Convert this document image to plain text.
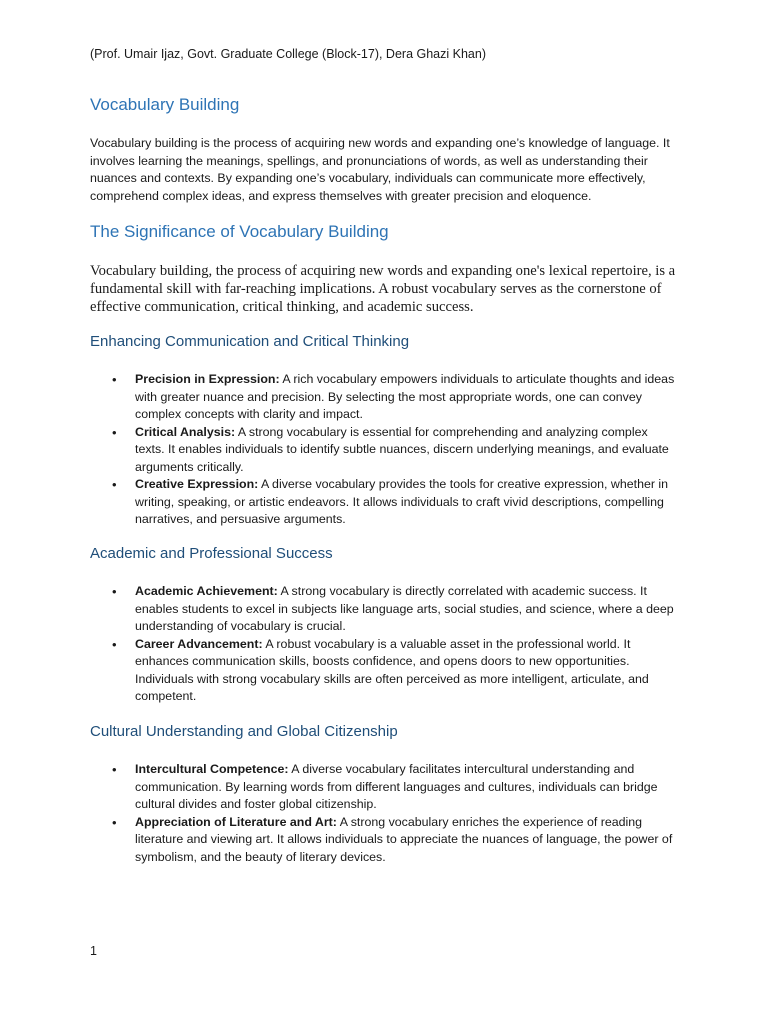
(Prof. Umair Ijaz, Govt. Graduate College (Block-17), Dera Ghazi Khan)
Vocabulary Building

Vocabulary building is the process of acquiring new words and expanding one’s knowledge of language. It involves learning the meanings, spellings, and pronunciations of words, as well as understanding their nuances and contexts. By expanding one’s vocabulary, individuals can communicate more effectively, comprehend complex ideas, and express themselves with greater precision and eloquence.

The Significance of Vocabulary Building

Vocabulary building, the process of acquiring new words and expanding one's lexical repertoire, is a fundamental skill with far-reaching implications. A robust vocabulary serves as the cornerstone of effective communication, critical thinking, and academic success.

Enhancing Communication and Critical Thinking
• Precision in Expression: A rich vocabulary empowers individuals to articulate thoughts and ideas with greater nuance and precision. By selecting the most appropriate words, one can convey complex concepts with clarity and impact.
• Critical Analysis: A strong vocabulary is essential for comprehending and analyzing complex texts. It enables individuals to identify subtle nuances, discern underlying meanings, and evaluate arguments critically.
• Creative Expression: A diverse vocabulary provides the tools for creative expression, whether in writing, speaking, or artistic endeavors. It allows individuals to craft vivid descriptions, compelling narratives, and persuasive arguments.
Academic and Professional Success
• Academic Achievement: A strong vocabulary is directly correlated with academic success. It enables students to excel in subjects like language arts, social studies, and science, where a deep understanding of vocabulary is crucial.
• Career Advancement: A robust vocabulary is a valuable asset in the professional world. It enhances communication skills, boosts confidence, and opens doors to new opportunities. Individuals with strong vocabulary skills are often perceived as more intelligent, articulate, and competent.
Cultural Understanding and Global Citizenship
• Intercultural Competence: A diverse vocabulary facilitates intercultural understanding and communication. By learning words from different languages and cultures, individuals can bridge cultural divides and foster global citizenship.
• Appreciation of Literature and Art: A strong vocabulary enriches the experience of reading literature and viewing art. It allows individuals to appreciate the nuances of language, the power of symbolism, and the beauty of literary devices.
1
